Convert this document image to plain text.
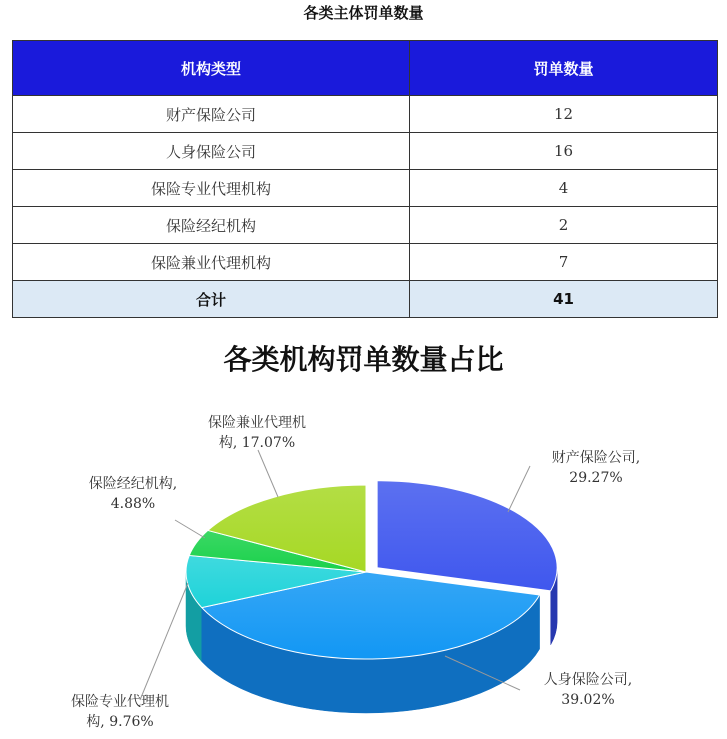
各类主体罚单数量
机构类型	罚单数量
财产保险公司	12
人身保险公司	16
保险专业代理机构	4
保险经纪机构	2
保险兼业代理机构	7
合计	41
各类机构罚单数量占比
财产保险公司,
29.27%
人身保险公司,
39.02%
保险专业代理机
构, 9.76%
保险经纪机构,
4.88%
保险兼业代理机
构, 17.07%
